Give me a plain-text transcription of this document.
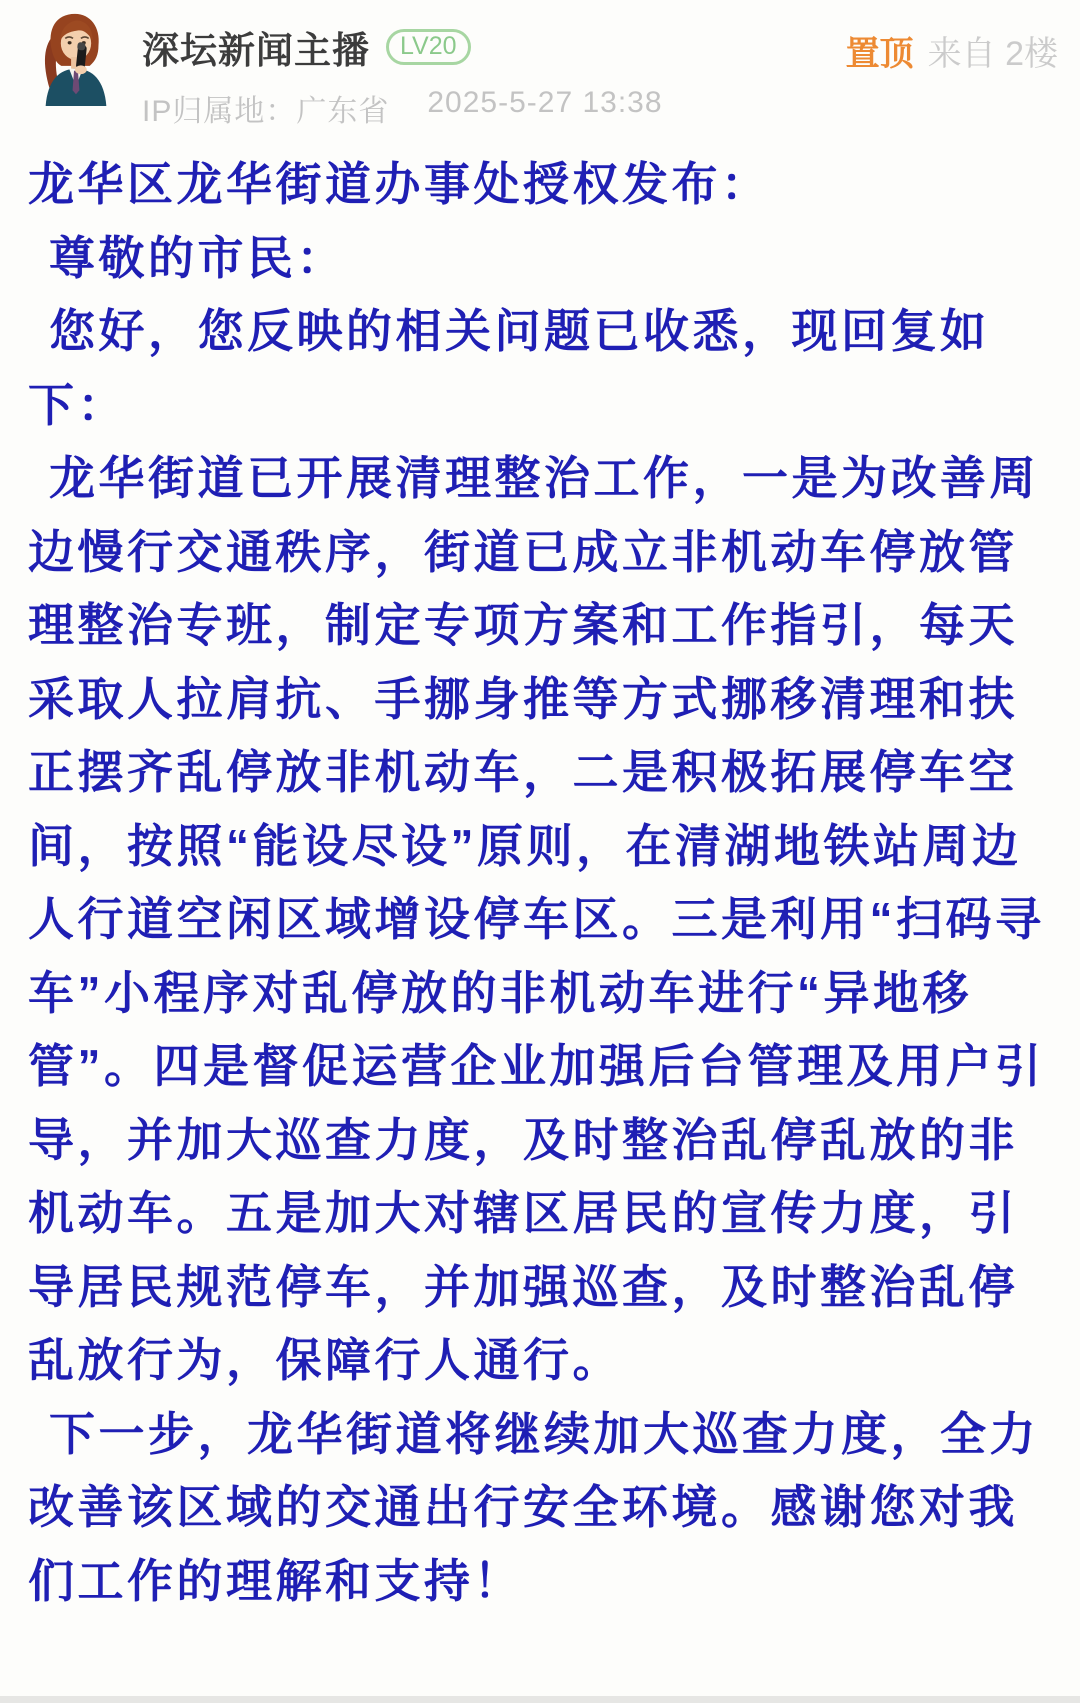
深坛新闻主播	LV20
IP归属地：广东省 2025-5-27 13:38
置顶 来自 2楼

龙华区龙华街道办事处授权发布：

尊敬的市民：

您好，您反映的相关问题已收悉，现回复如下：

龙华街道已开展清理整治工作，一是为改善周边慢行交通秩序，街道已成立非机动车停放管理整治专班，制定专项方案和工作指引，每天采取人拉肩抗、手挪身推等方式挪移清理和扶正摆齐乱停放非机动车，二是积极拓展停车空间，按照“能设尽设”原则，在清湖地铁站周边人行道空闲区域增设停车区。三是利用“扫码寻车”小程序对乱停放的非机动车进行“异地移管”。四是督促运营企业加强后台管理及用户引导，并加大巡查力度，及时整治乱停乱放的非机动车。五是加大对辖区居民的宣传力度，引导居民规范停车，并加强巡查，及时整治乱停乱放行为，保障行人通行。

下一步，龙华街道将继续加大巡查力度，全力改善该区域的交通出行安全环境。感谢您对我们工作的理解和支持！
